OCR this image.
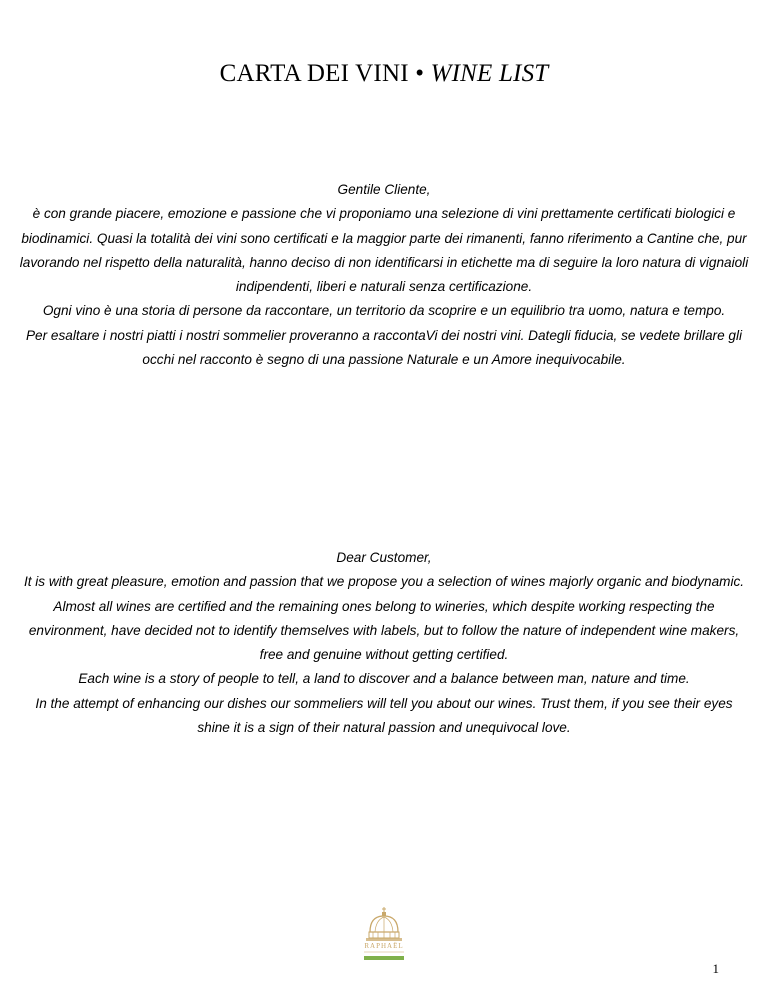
CARTA DEI VINI • WINE LIST

Gentile Cliente,

è con grande piacere, emozione e passione che vi proponiamo una selezione di vini prettamente certificati biologici e biodinamici. Quasi la totalità dei vini sono certificati e la maggior parte dei rimanenti, fanno riferimento a Cantine che, pur lavorando nel rispetto della naturalità, hanno deciso di non identificarsi in etichette ma di seguire la loro natura di vignaioli indipendenti, liberi e naturali senza certificazione.

Ogni vino è una storia di persone da raccontare, un territorio da scoprire e un equilibrio tra uomo, natura e tempo.

Per esaltare i nostri piatti i nostri sommelier proveranno a raccontaVi dei nostri vini. Dategli fiducia, se vedete brillare gli occhi nel racconto è segno di una passione Naturale e un Amore inequivocabile.

Dear Customer,

It is with great pleasure, emotion and passion that we propose you a selection of wines majorly organic and biodynamic. Almost all wines are certified and the remaining ones belong to wineries, which despite working respecting the environment, have decided not to identify themselves with labels, but to follow the nature of independent wine makers, free and genuine without getting certified.

Each wine is a story of people to tell, a land to discover and a balance between man, nature and time.

In the attempt of enhancing our dishes our sommeliers will tell you about our wines. Trust them, if you see their eyes shine it is a sign of their natural passion and unequivocal love.

RAPHAËL
1
